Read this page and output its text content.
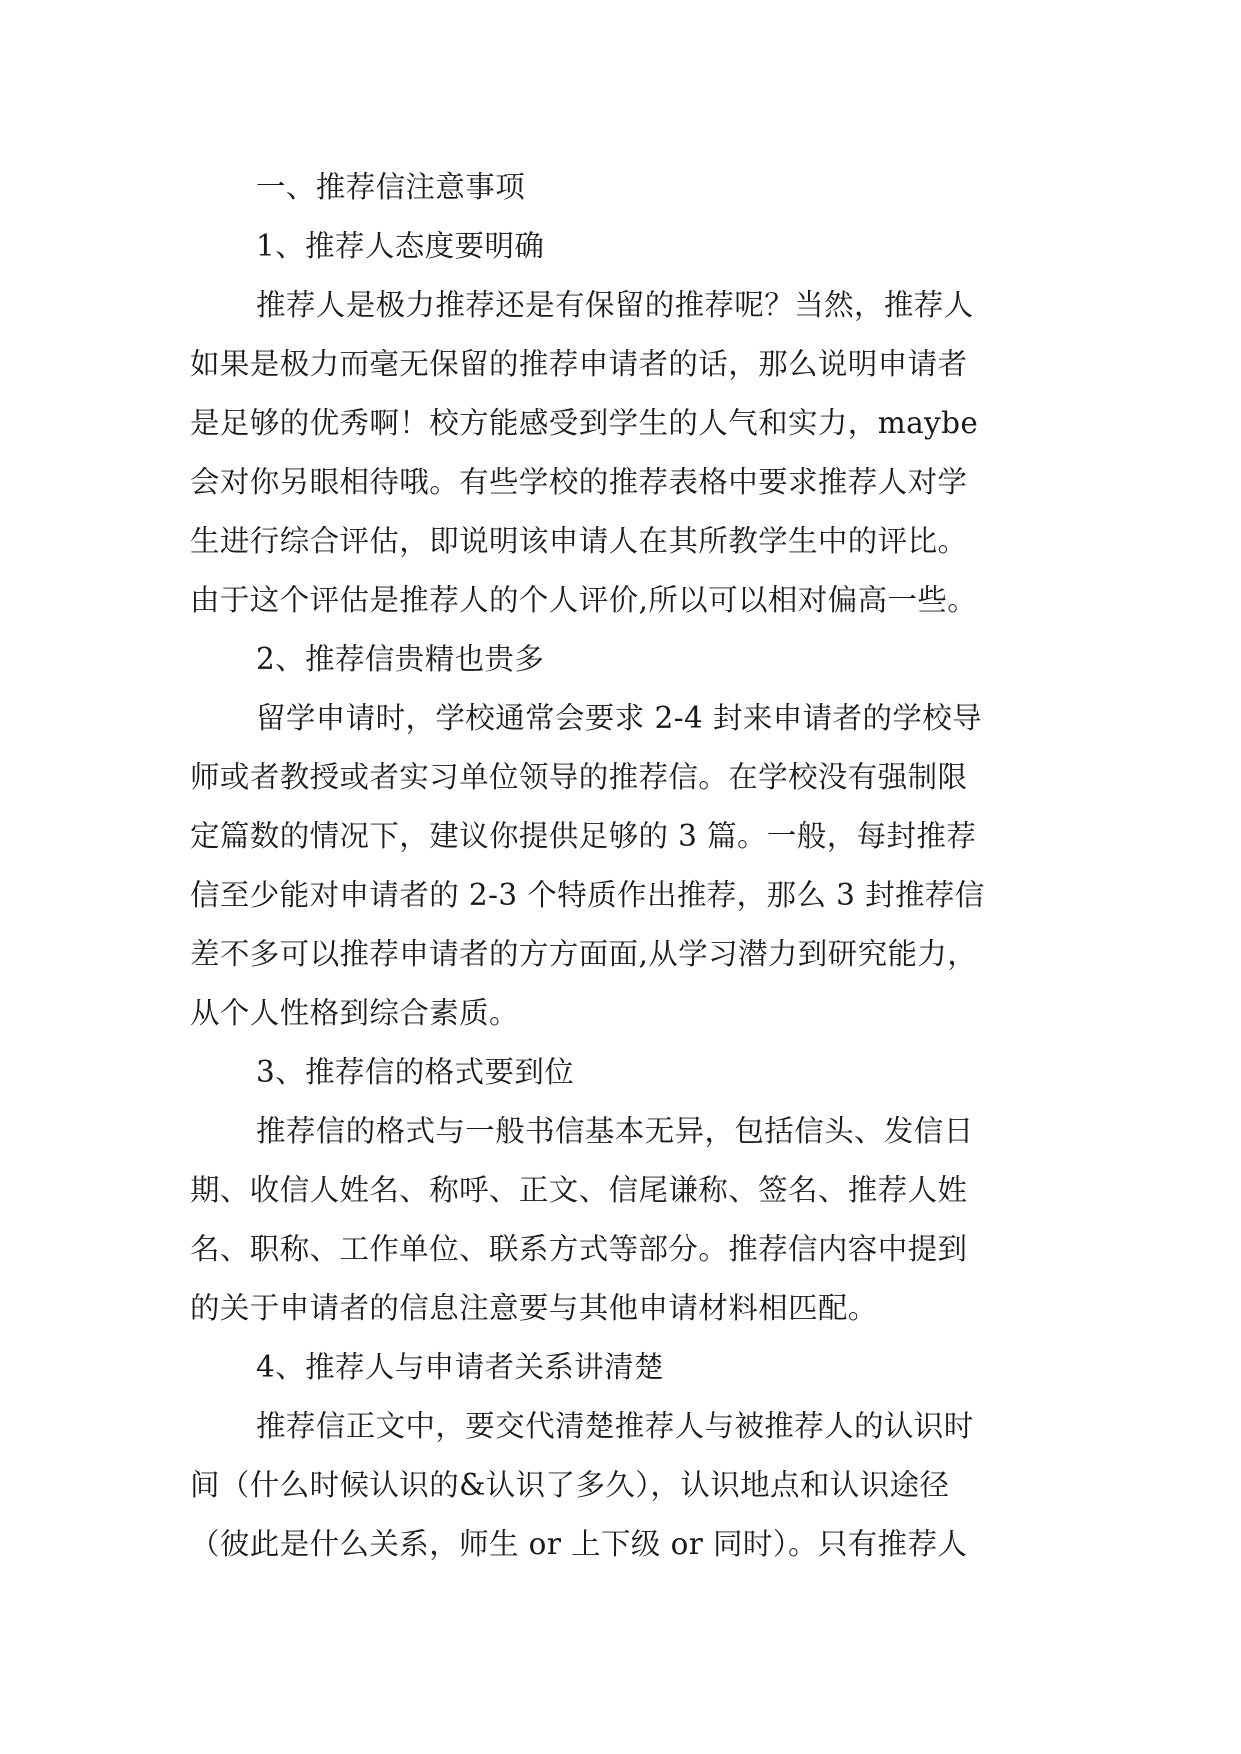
一、推荐信注意事项
1、推荐人态度要明确
推荐人是极力推荐还是有保留的推荐呢？当然，推荐人
如果是极力而毫无保留的推荐申请者的话，那么说明申请者
是足够的优秀啊！校方能感受到学生的人气和实力，maybe
会对你另眼相待哦。有些学校的推荐表格中要求推荐人对学
生进行综合评估，即说明该申请人在其所教学生中的评比。
由于这个评估是推荐人的个人评价,所以可以相对偏高一些。
2、推荐信贵精也贵多
留学申请时，学校通常会要求 2-4 封来申请者的学校导
师或者教授或者实习单位领导的推荐信。在学校没有强制限
定篇数的情况下，建议你提供足够的 3 篇。一般，每封推荐
信至少能对申请者的 2-3 个特质作出推荐，那么 3 封推荐信
差不多可以推荐申请者的方方面面,从学习潜力到研究能力，
从个人性格到综合素质。
3、推荐信的格式要到位
推荐信的格式与一般书信基本无异，包括信头、发信日
期、收信人姓名、称呼、正文、信尾谦称、签名、推荐人姓
名、职称、工作单位、联系方式等部分。推荐信内容中提到
的关于申请者的信息注意要与其他申请材料相匹配。
4、推荐人与申请者关系讲清楚
推荐信正文中，要交代清楚推荐人与被推荐人的认识时
间（什么时候认识的&认识了多久），认识地点和认识途径
（彼此是什么关系，师生 or 上下级 or 同时）。只有推荐人
